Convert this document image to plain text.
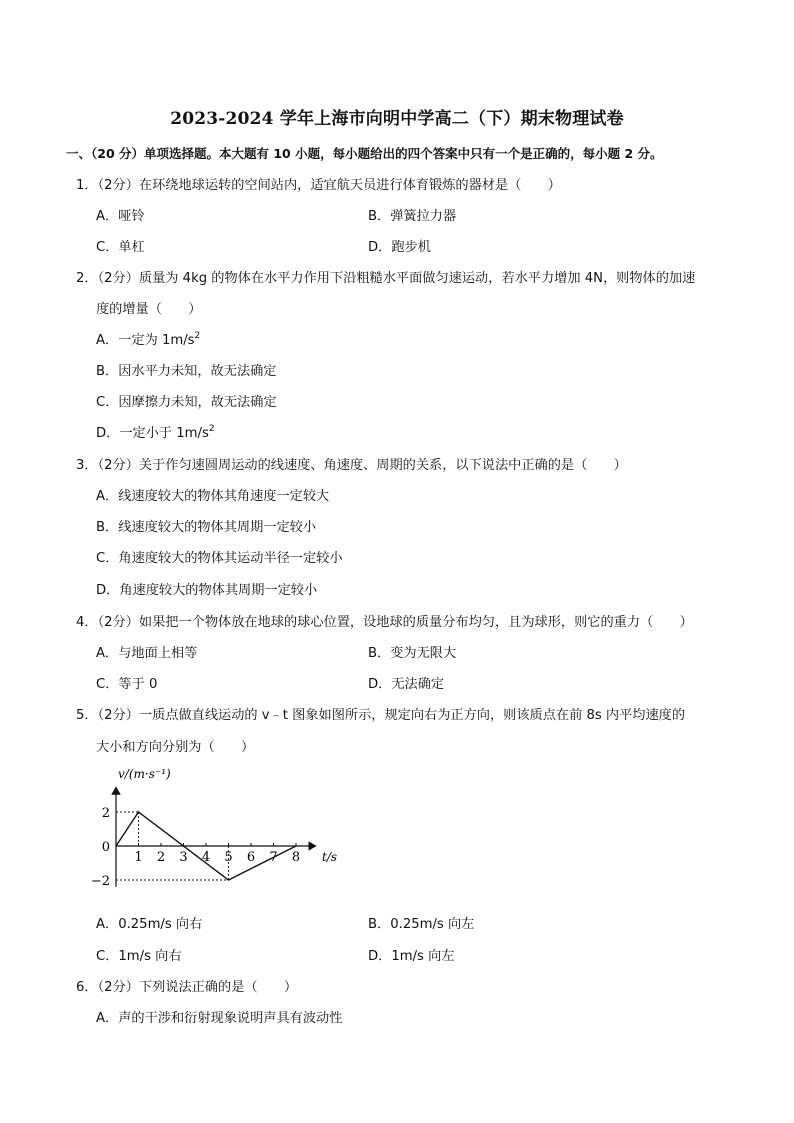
2023-2024 学年上海市向明中学高二（下）期末物理试卷
一、（20 分）单项选择题。本大题有 10 小题，每小题给出的四个答案中只有一个是正确的，每小题 2 分。
1．（2分）在环绕地球运转的空间站内，适宜航天员进行体育锻炼的器材是（　　）
A．哑铃	B．弹簧拉力器
C．单杠	D．跑步机
2．（2分）质量为 4kg 的物体在水平力作用下沿粗糙水平面做匀速运动，若水平力增加 4N，则物体的加速
度的增量（　　）
A．一定为 $1m/s^2$
B．因水平力未知，故无法确定
C．因摩擦力未知，故无法确定
D．一定小于 $1m/s^2$
3．（2分）关于作匀速圆周运动的线速度、角速度、周期的关系，以下说法中正确的是（　　）
A．线速度较大的物体其角速度一定较大
B．线速度较大的物体其周期一定较小
C．角速度较大的物体其运动半径一定较小
D．角速度较大的物体其周期一定较小
4．（2分）如果把一个物体放在地球的球心位置，设地球的质量分布均匀，且为球形，则它的重力（　　）
A．与地面上相等	B．变为无限大
C．等于 0	D．无法确定
5．（2分）一质点做直线运动的 v﹣t 图象如图所示，规定向右为正方向，则该质点在前 8s 内平均速度的
大小和方向分别为（　　）
1 2 3 4 5 6 7 8
2
0
−2
v/(m·s⁻¹)
t/s
A．0.25m/s 向右	B．0.25m/s 向左
C．1m/s 向右	D．1m/s 向左
6．（2分）下列说法正确的是（　　）
A．声的干涉和衍射现象说明声具有波动性
